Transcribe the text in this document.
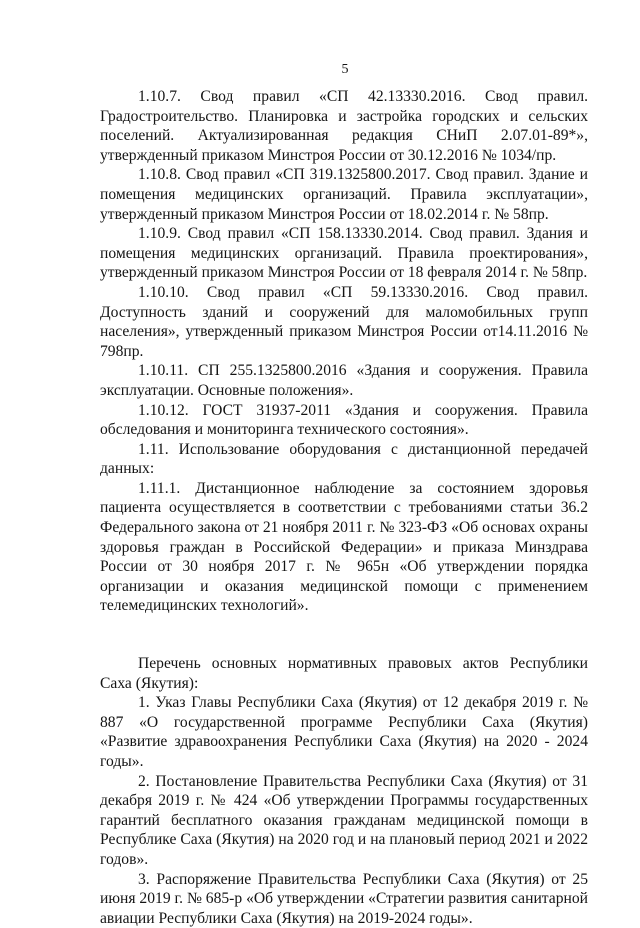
5

1.10.7. Свод правил «СП 42.13330.2016. Свод правил. Градостроительство. Планировка и застройка городских и сельских поселений. Актуализированная редакция СНиП 2.07.01-89*», утвержденный приказом Минстроя России от 30.12.2016 № 1034/пр.

1.10.8. Свод правил «СП 319.1325800.2017. Свод правил. Здание и помещения медицинских организаций. Правила эксплуатации», утвержденный приказом Минстроя России от 18.02.2014 г. № 58пр.

1.10.9. Свод правил «СП 158.13330.2014. Свод правил. Здания и помещения медицинских организаций. Правила проектирования», утвержденный приказом Минстроя России от 18 февраля 2014 г. № 58пр.

1.10.10. Свод правил «СП 59.13330.2016. Свод правил. Доступность зданий и сооружений для маломобильных групп населения», утвержденный приказом Минстроя России от14.11.2016 № 798пр.

1.10.11. СП 255.1325800.2016 «Здания и сооружения. Правила эксплуатации. Основные положения».

1.10.12. ГОСТ 31937-2011 «Здания и сооружения. Правила обследования и мониторинга технического состояния».

1.11. Использование оборудования с дистанционной передачей данных:

1.11.1. Дистанционное наблюдение за состоянием здоровья пациента осуществляется в соответствии с требованиями статьи 36.2 Федерального закона от 21 ноября 2011 г. № 323-ФЗ «Об основах охраны здоровья граждан в Российской Федерации» и приказа Минздрава России от 30 ноября 2017 г. № 965н «Об утверждении порядка организации и оказания медицинской помощи с применением телемедицинских технологий».

Перечень основных нормативных правовых актов Республики Саха (Якутия):

1. Указ Главы Республики Саха (Якутия) от 12 декабря 2019 г. № 887 «О государственной программе Республики Саха (Якутия) «Развитие здравоохранения Республики Саха (Якутия) на 2020 - 2024 годы».

2. Постановление Правительства Республики Саха (Якутия) от 31 декабря 2019 г. № 424 «Об утверждении Программы государственных гарантий бесплатного оказания гражданам медицинской помощи в Республике Саха (Якутия) на 2020 год и на плановый период 2021 и 2022 годов».

3. Распоряжение Правительства Республики Саха (Якутия) от 25 июня 2019 г. № 685-р «Об утверждении «Стратегии развития санитарной авиации Республики Саха (Якутия) на 2019-2024 годы».
